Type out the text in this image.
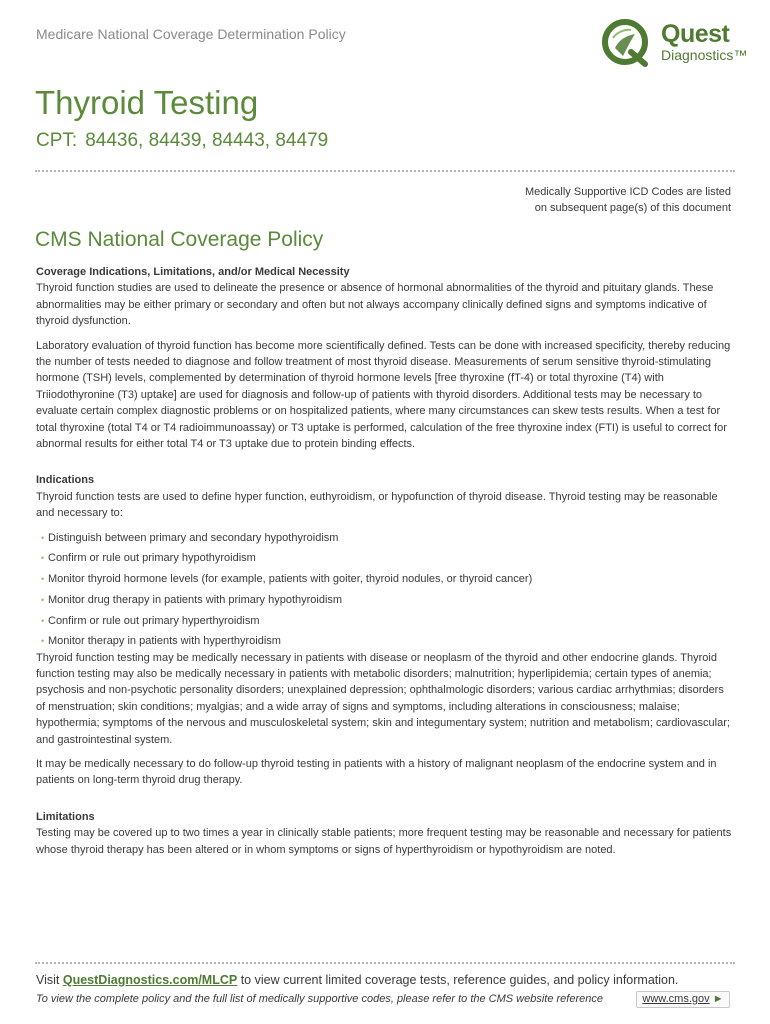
Medicare National Coverage Determination Policy	Quest
Diagnostics™
Thyroid Testing
CPT: 84436, 84439, 84443, 84479
Medically Supportive ICD Codes are listed
on subsequent page(s) of this document
CMS National Coverage Policy

Coverage Indications, Limitations, and/or Medical Necessity

Thyroid function studies are used to delineate the presence or absence of hormonal abnormalities of the thyroid and pituitary glands. These abnormalities may be either primary or secondary and often but not always accompany clinically defined signs and symptoms indicative of thyroid dysfunction.

Laboratory evaluation of thyroid function has become more scientifically defined. Tests can be done with increased specificity, thereby reducing the number of tests needed to diagnose and follow treatment of most thyroid disease. Measurements of serum sensitive thyroid-stimulating hormone (TSH) levels, complemented by determination of thyroid hormone levels [free thyroxine (fT-4) or total thyroxine (T4) with Triiodothyronine (T3) uptake] are used for diagnosis and follow-up of patients with thyroid disorders. Additional tests may be necessary to evaluate certain complex diagnostic problems or on hospitalized patients, where many circumstances can skew tests results. When a test for total thyroxine (total T4 or T4 radioimmunoassay) or T3 uptake is performed, calculation of the free thyroxine index (FTI) is useful to correct for abnormal results for either total T4 or T3 uptake due to protein binding effects.

Indications

Thyroid function tests are used to define hyper function, euthyroidism, or hypofunction of thyroid disease. Thyroid testing may be reasonable and necessary to:

• Distinguish between primary and secondary hypothyroidism
• Confirm or rule out primary hypothyroidism
• Monitor thyroid hormone levels (for example, patients with goiter, thyroid nodules, or thyroid cancer)
• Monitor drug therapy in patients with primary hypothyroidism
• Confirm or rule out primary hyperthyroidism
• Monitor therapy in patients with hyperthyroidism

Thyroid function testing may be medically necessary in patients with disease or neoplasm of the thyroid and other endocrine glands. Thyroid function testing may also be medically necessary in patients with metabolic disorders; malnutrition; hyperlipidemia; certain types of anemia; psychosis and non-psychotic personality disorders; unexplained depression; ophthalmologic disorders; various cardiac arrhythmias; disorders of menstruation; skin conditions; myalgias; and a wide array of signs and symptoms, including alterations in consciousness; malaise; hypothermia; symptoms of the nervous and musculoskeletal system; skin and integumentary system; nutrition and metabolism; cardiovascular; and gastrointestinal system.

It may be medically necessary to do follow-up thyroid testing in patients with a history of malignant neoplasm of the endocrine system and in patients on long-term thyroid drug therapy.

Limitations

Testing may be covered up to two times a year in clinically stable patients; more frequent testing may be reasonable and necessary for patients whose thyroid therapy has been altered or in whom symptoms or signs of hyperthyroidism or hypothyroidism are noted.

Visit QuestDiagnostics.com/MLCP to view current limited coverage tests, reference guides, and policy information.
To view the complete policy and the full list of medically supportive codes, please refer to the CMS website reference	www.cms.gov ►
